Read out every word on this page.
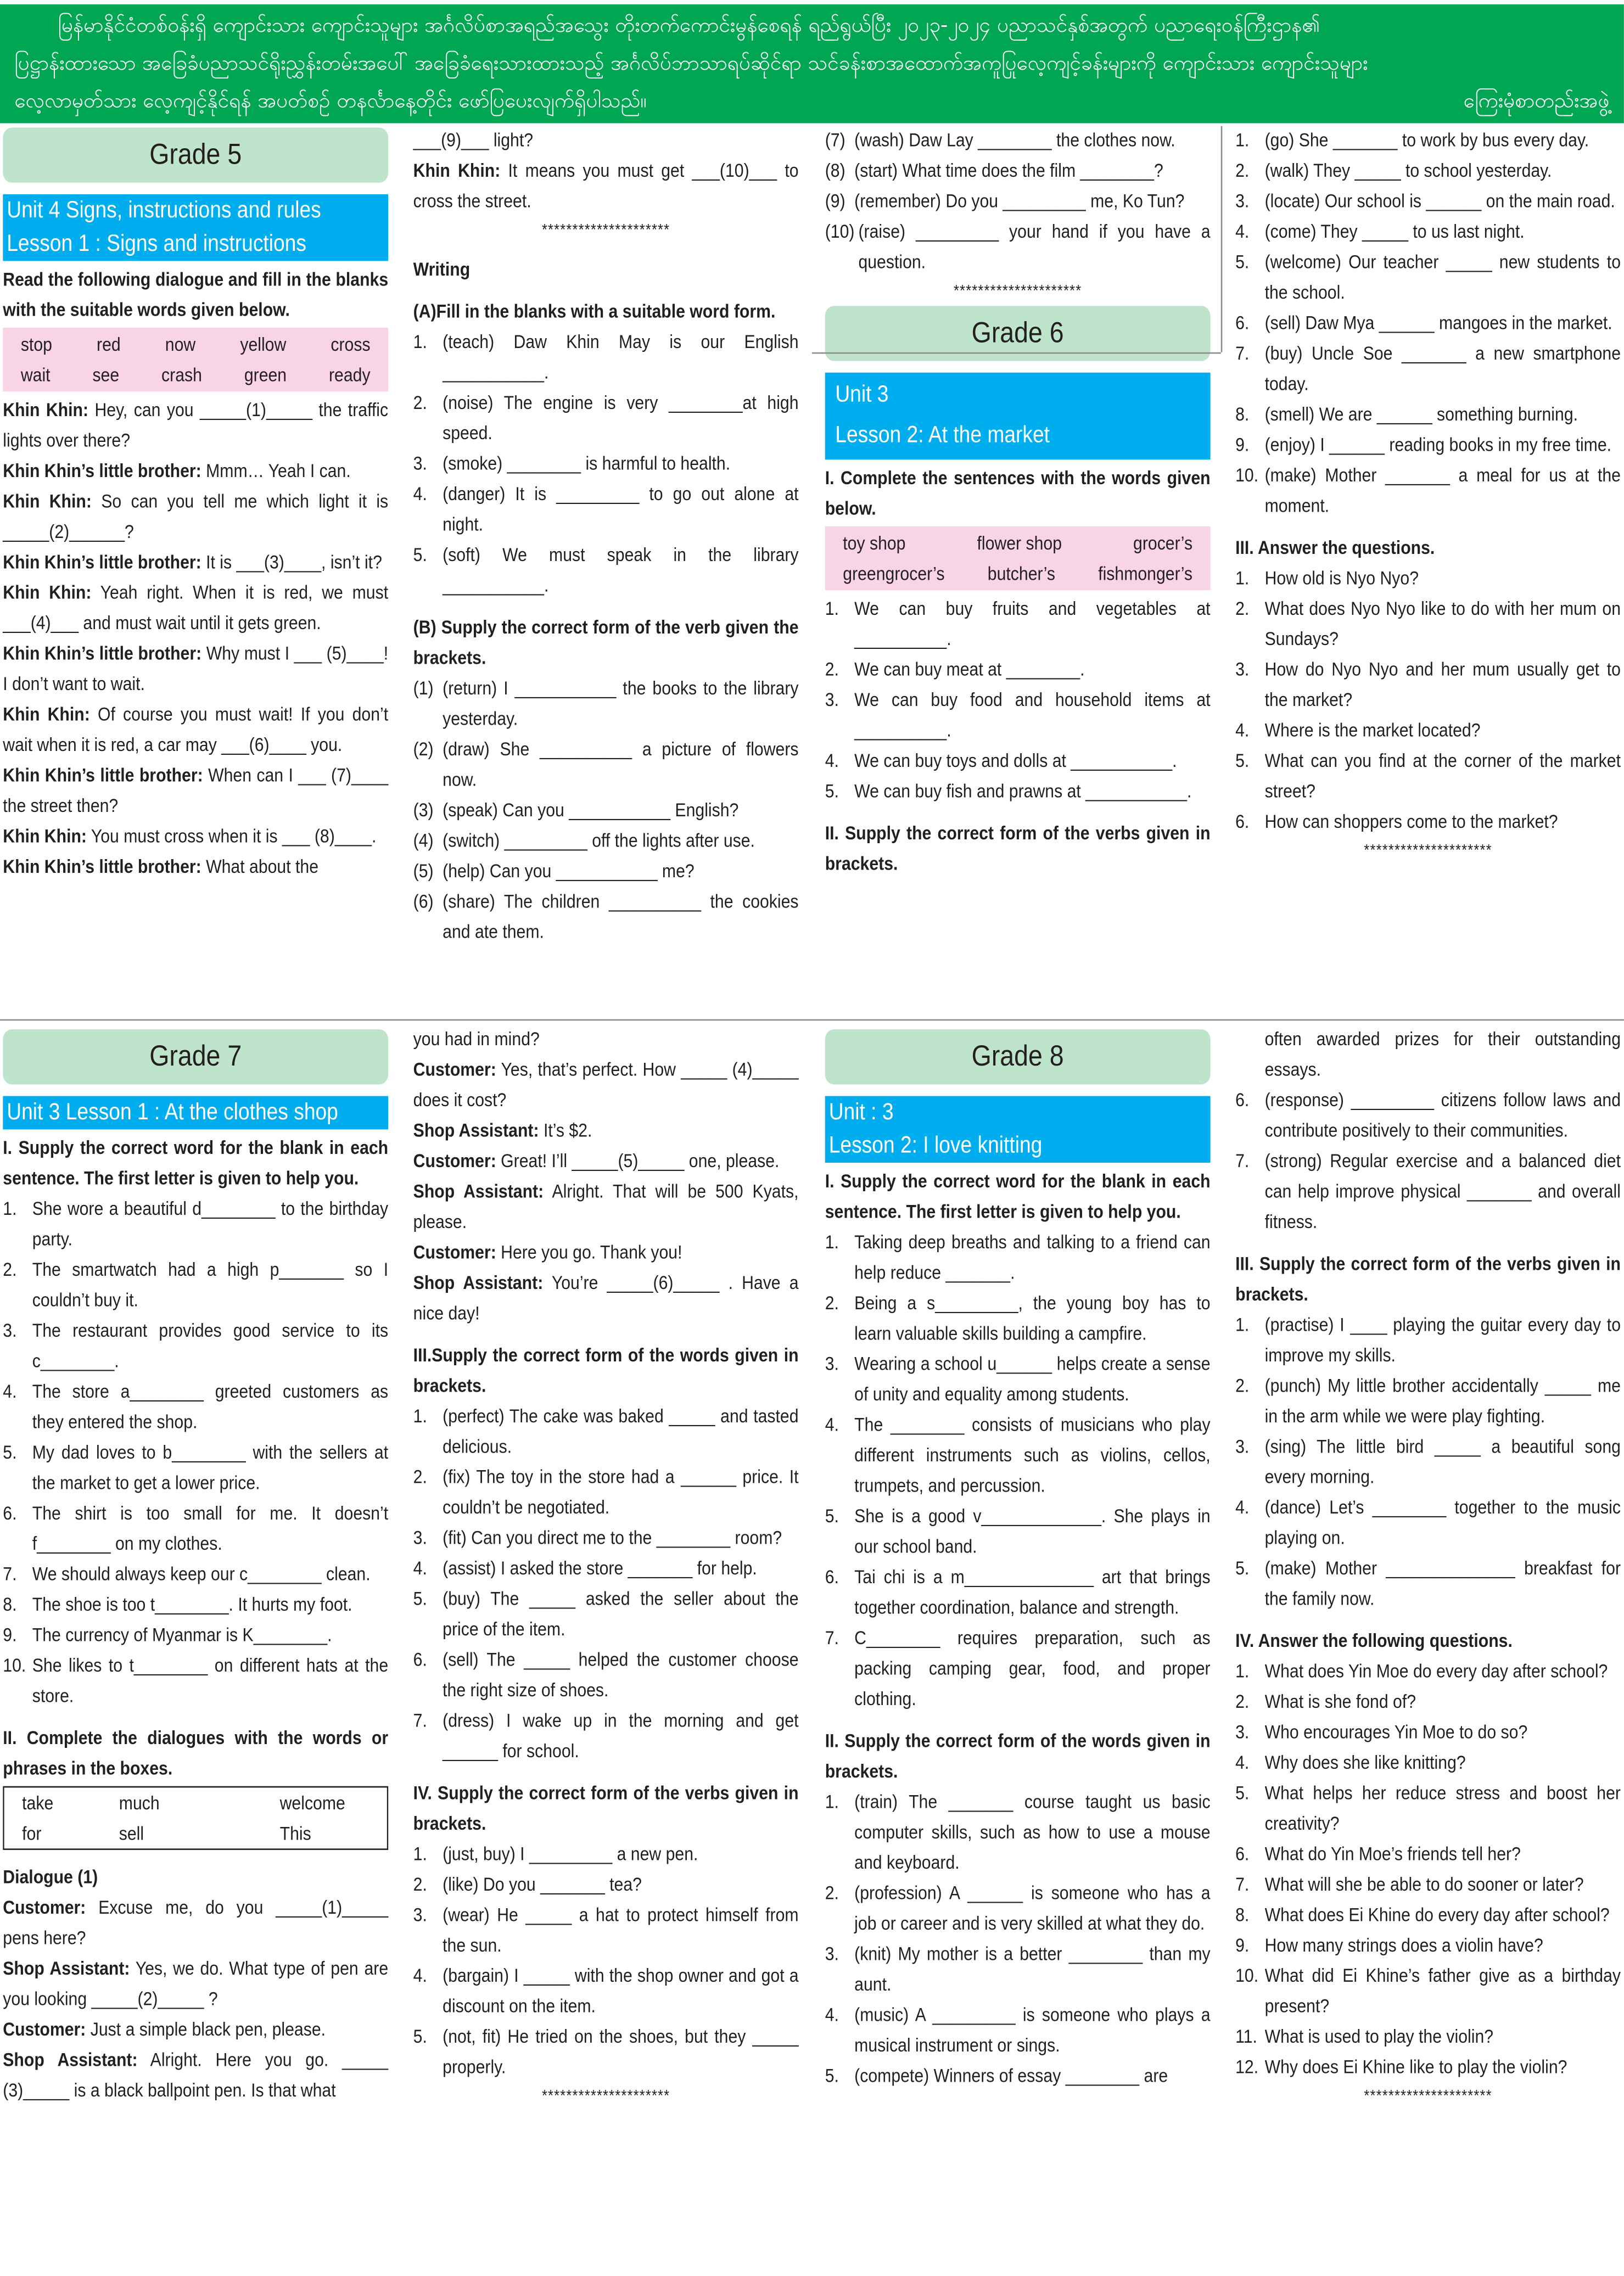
မြန်မာနိုင်ငံတစ်ဝန်းရှိ ကျောင်းသား ကျောင်းသူများ အင်္ဂလိပ်စာအရည်အသွေး တိုးတက်ကောင်းမွန်စေရန် ရည်ရွယ်ပြီး ၂၀၂၃-၂၀၂၄ ပညာသင်နှစ်အတွက် ပညာရေးဝန်ကြီးဌာန၏
ပြဋ္ဌာန်းထားသော အခြေခံပညာသင်ရိုးညွှန်းတမ်းအပေါ် အခြေခံရေးသားထားသည့် အင်္ဂလိပ်ဘာသာရပ်ဆိုင်ရာ သင်ခန်းစာအထောက်အကူပြုလေ့ကျင့်ခန်းများကို ကျောင်းသား ကျောင်းသူများ
လေ့လာမှတ်သား လေ့ကျင့်နိုင်ရန် အပတ်စဉ် တနင်္လာနေ့တိုင်း ဖော်ပြပေးလျက်ရှိပါသည်။	ကြေးမုံစာတည်းအဖွဲ့
Grade 5
Unit 4 Signs, instructions and rules
Lesson 1 : Signs and instructions
Read the following dialogue and fill in the blanks with the suitable words given below.
stop	red	now	yellow	cross
wait	see	crash	green	ready
Khin Khin: Hey, can you _____(1)_____ the traffic lights over there?
Khin Khin’s little brother: Mmm… Yeah I can.
Khin Khin: So can you tell me which light it is _____(2)______?
Khin Khin’s little brother: It is ___(3)____, isn’t it?
Khin Khin: Yeah right. When it is red, we must ___(4)___ and must wait until it gets green.
Khin Khin’s little brother: Why must I ___ (5)____! I don’t want to wait.
Khin Khin: Of course you must wait! If you don’t wait when it is red, a car may ___(6)____ you.
Khin Khin’s little brother: When can I ___ (7)____ the street then?
Khin Khin: You must cross when it is ___ (8)____.
Khin Khin’s little brother: What about the
___(9)___ light?
Khin Khin: It means you must get ___(10)___ to cross the street.
*********************
Writing
(A)Fill in the blanks with a suitable word form.
1.	(teach) Daw Khin May is our English ___________.
2.	(noise) The engine is very ________at high speed.
3.	(smoke) ________ is harmful to health.
4.	(danger) It is _________ to go out alone at night.
5.	(soft) We must speak in the library ___________.
(B) Supply the correct form of the verb given the brackets.
(1)	(return) I ___________ the books to the library yesterday.
(2)	(draw) She __________ a picture of flowers now.
(3)	(speak) Can you ___________ English?
(4)	(switch) _________ off the lights after use.
(5)	(help) Can you ___________ me?
(6)	(share) The children __________ the cookies and ate them.
(7)	(wash) Daw Lay ________ the clothes now.
(8)	(start) What time does the film ________?
(9)	(remember) Do you _________ me, Ko Tun?
(10) (raise) _________ your hand if you have a question.
*********************
Grade 6
Unit 3
Lesson 2: At the market
I. Complete the sentences with the words given below.
toy shop	flower shop	grocer’s
greengrocer’s	butcher’s	fishmonger’s
1.	We can buy fruits and vegetables at __________.
2.	We can buy meat at ________.
3.	We can buy food and household items at __________.
4.	We can buy toys and dolls at ___________.
5.	We can buy fish and prawns at ___________.
II. Supply the correct form of the verbs given in brackets.
1.	(go) She _______ to work by bus every day.
2.	(walk) They _____ to school yesterday.
3.	(locate) Our school is ______ on the main road.
4.	(come) They _____ to us last night.
5.	(welcome) Our teacher _____ new students to the school.
6.	(sell) Daw Mya ______ mangoes in the market.
7.	(buy) Uncle Soe _______ a new smartphone today.
8.	(smell) We are ______ something burning.
9.	(enjoy) I ______ reading books in my free time.
10. (make) Mother _______ a meal for us at the moment.
III. Answer the questions.
1.	How old is Nyo Nyo?
2.	What does Nyo Nyo like to do with her mum on Sundays?
3.	How do Nyo Nyo and her mum usually get to the market?
4.	Where is the market located?
5.	What can you find at the corner of the market street?
6.	How can shoppers come to the market?
*********************
Grade 7
Unit 3 Lesson 1 : At the clothes shop
I. Supply the correct word for the blank in each sentence. The first letter is given to help you.
1.	She wore a beautiful d________ to the birthday party.
2.	The smartwatch had a high p_______ so I couldn’t buy it.
3.	The restaurant provides good service to its c________.
4.	The store a________ greeted customers as they entered the shop.
5.	My dad loves to b________ with the sellers at the market to get a lower price.
6.	The shirt is too small for me. It doesn’t f________ on my clothes.
7.	We should always keep our c________ clean.
8.	The shoe is too t________. It hurts my foot.
9.	The currency of Myanmar is K________.
10. She likes to t________ on different hats at the store.
II. Complete the dialogues with the words or phrases in the boxes.
take	much	welcome
for	sell	This
Dialogue (1)
Customer: Excuse me, do you _____(1)_____ pens here?
Shop Assistant: Yes, we do. What type of pen are you looking _____(2)_____ ?
Customer: Just a simple black pen, please.
Shop Assistant: Alright. Here you go. _____ (3)_____ is a black ballpoint pen. Is that what
you had in mind?
Customer: Yes, that’s perfect. How _____ (4)_____ does it cost?
Shop Assistant: It’s $2.
Customer: Great! I’ll _____(5)_____ one, please.
Shop Assistant: Alright. That will be 500 Kyats, please.
Customer: Here you go. Thank you!
Shop Assistant: You’re _____(6)_____ . Have a nice day!
III.Supply the correct form of the words given in brackets.
1.	(perfect) The cake was baked _____ and tasted delicious.
2.	(fix) The toy in the store had a ______ price. It couldn’t be negotiated.
3.	(fit) Can you direct me to the ________ room?
4.	(assist) I asked the store _______ for help.
5.	(buy) The _____ asked the seller about the price of the item.
6.	(sell) The _____ helped the customer choose the right size of shoes.
7.	(dress) I wake up in the morning and get ______ for school.
IV. Supply the correct form of the verbs given in brackets.
1.	(just, buy) I _________ a new pen.
2.	(like) Do you _______ tea?
3.	(wear) He _____ a hat to protect himself from the sun.
4.	(bargain) I _____ with the shop owner and got a discount on the item.
5.	(not, fit) He tried on the shoes, but they _____ properly.
*********************
Grade 8
Unit : 3
Lesson 2: I love knitting
I. Supply the correct word for the blank in each sentence. The first letter is given to help you.
1.	Taking deep breaths and talking to a friend can help reduce _______.
2.	Being a s_________, the young boy has to learn valuable skills building a campfire.
3.	Wearing a school u______ helps create a sense of unity and equality among students.
4.	The ________ consists of musicians who play different instruments such as violins, cellos, trumpets, and percussion.
5.	She is a good v_____________. She plays in our school band.
6.	Tai chi is a m______________ art that brings together coordination, balance and strength.
7.	C________ requires preparation, such as packing camping gear, food, and proper clothing.
II. Supply the correct form of the words given in brackets.
1.	(train) The _______ course taught us basic computer skills, such as how to use a mouse and keyboard.
2.	(profession) A ______ is someone who has a job or career and is very skilled at what they do.
3.	(knit) My mother is a better ________ than my aunt.
4.	(music) A _________ is someone who plays a musical instrument or sings.
5.	(compete) Winners of essay ________ are
often awarded prizes for their outstanding essays.
6.	(response) _________ citizens follow laws and contribute positively to their communities.
7.	(strong) Regular exercise and a balanced diet can help improve physical _______ and overall fitness.
III. Supply the correct form of the verbs given in brackets.
1.	(practise) I ____ playing the guitar every day to improve my skills.
2.	(punch) My little brother accidentally _____ me in the arm while we were play fighting.
3.	(sing) The little bird _____ a beautiful song every morning.
4.	(dance) Let’s ________ together to the music playing on.
5.	(make) Mother ______________ breakfast for the family now.
IV. Answer the following questions.
1.	What does Yin Moe do every day after school?
2.	What is she fond of?
3.	Who encourages Yin Moe to do so?
4.	Why does she like knitting?
5.	What helps her reduce stress and boost her creativity?
6.	What do Yin Moe’s friends tell her?
7.	What will she be able to do sooner or later?
8.	What does Ei Khine do every day after school?
9.	How many strings does a violin have?
10. What did Ei Khine’s father give as a birthday present?
11.	What is used to play the violin?
12. Why does Ei Khine like to play the violin?
*********************
